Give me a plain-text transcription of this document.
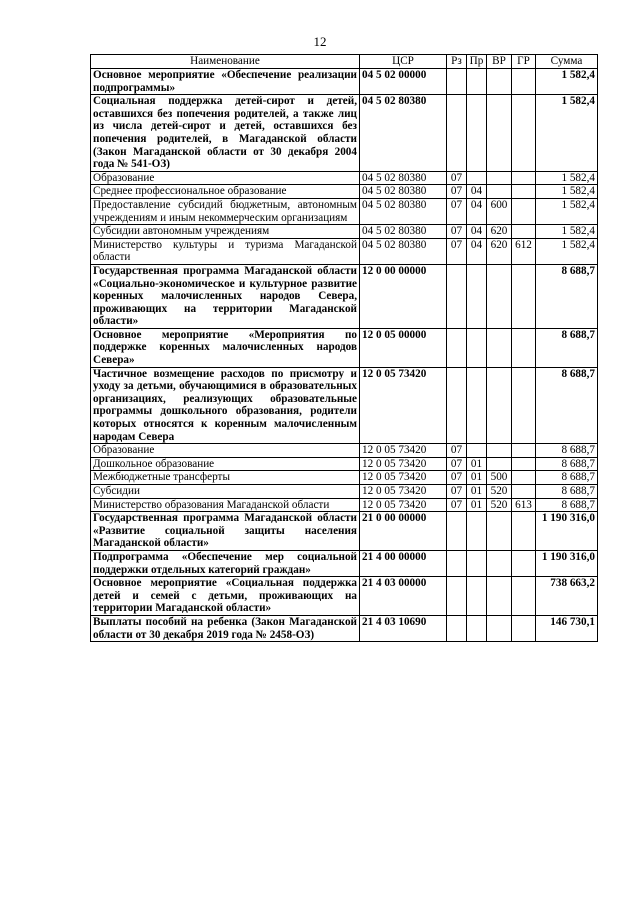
12
Наименование	ЦСР	Рз	Пр	ВР	ГР	Сумма
Основное мероприятие «Обеспечение реализации подпрограммы»	04 5 02 00000					1 582,4
Социальная поддержка детей-сирот и детей, оставшихся без попечения родителей, а также лиц из числа детей-сирот и детей, оставшихся без попечения родителей, в Магаданской области (Закон Магаданской области от 30 декабря 2004 года № 541-ОЗ)	04 5 02 80380					1 582,4
Образование	04 5 02 80380	07				1 582,4
Среднее профессиональное образование	04 5 02 80380	07	04			1 582,4
Предоставление субсидий бюджетным, автономным учреждениям и иным некоммерческим организациям	04 5 02 80380	07	04	600		1 582,4
Субсидии автономным учреждениям	04 5 02 80380	07	04	620		1 582,4
Министерство культуры и туризма Магаданской области	04 5 02 80380	07	04	620	612	1 582,4
Государственная программа Магаданской области «Социально-экономическое и культурное развитие коренных малочисленных народов Севера, проживающих на территории Магаданской области»	12 0 00 00000					8 688,7
Основное мероприятие «Мероприятия по поддержке коренных малочисленных народов Севера»	12 0 05 00000					8 688,7
Частичное возмещение расходов по присмотру и уходу за детьми, обучающимися в образовательных организациях, реализующих образовательные программы дошкольного образования, родители которых относятся к коренным малочисленным народам Севера	12 0 05 73420					8 688,7
Образование	12 0 05 73420	07				8 688,7
Дошкольное образование	12 0 05 73420	07	01			8 688,7
Межбюджетные трансферты	12 0 05 73420	07	01	500		8 688,7
Субсидии	12 0 05 73420	07	01	520		8 688,7
Министерство образования Магаданской области	12 0 05 73420	07	01	520	613	8 688,7
Государственная программа Магаданской области «Развитие социальной защиты населения Магаданской области»	21 0 00 00000					1 190 316,0
Подпрограмма «Обеспечение мер социальной поддержки отдельных категорий граждан»	21 4 00 00000					1 190 316,0
Основное мероприятие «Социальная поддержка детей и семей с детьми, проживающих на территории Магаданской области»	21 4 03 00000					738 663,2
Выплаты пособий на ребенка (Закон Магаданской области от 30 декабря 2019 года № 2458-ОЗ)	21 4 03 10690					146 730,1
